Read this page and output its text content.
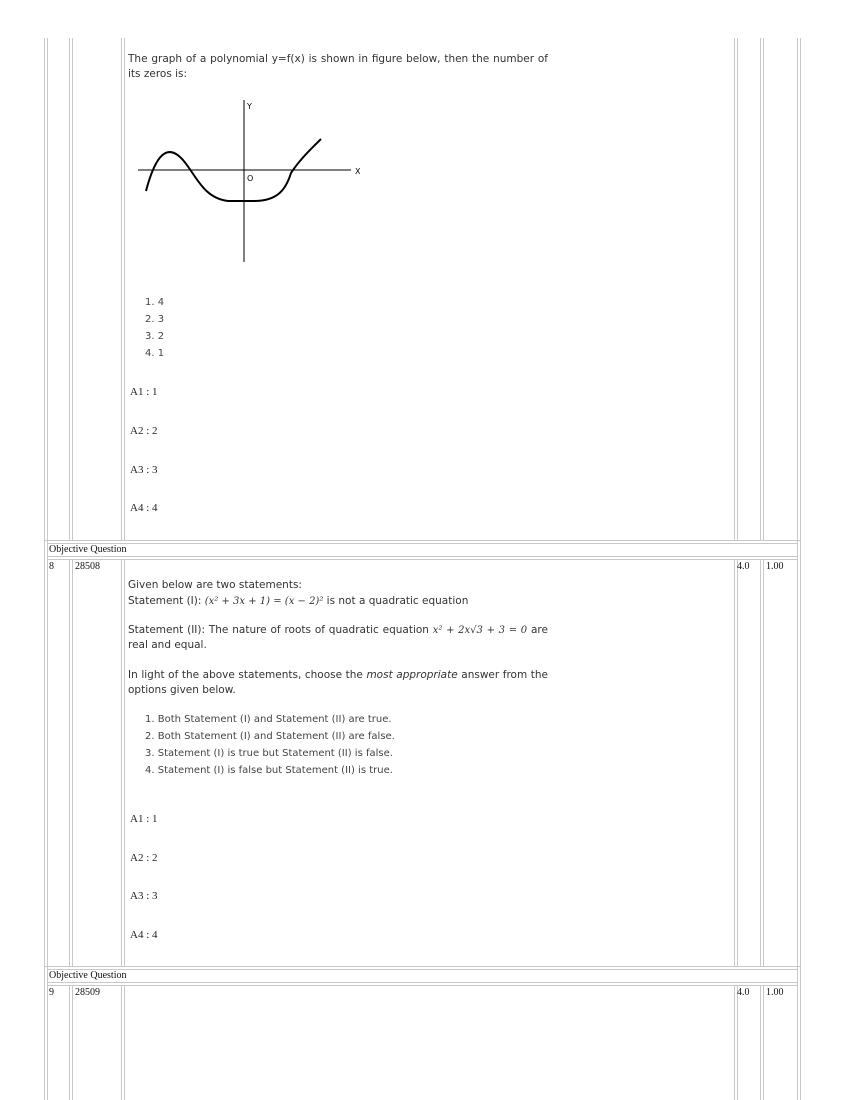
The graph of a polynomial y=f(x) is shown in figure below, then the number of its zeros is:
Y
X
O
1. 4
2. 3
3. 2
4. 1
A1 : 1
A2 : 2
A3 : 3
A4 : 4
Objective Question
8 28508	4.0 1.00
Given below are two statements:
Statement (I): (x² + 3x + 1) = (x − 2)² is not a quadratic equation
Statement (II): The nature of roots of quadratic equation x² + 2x√3 + 3 = 0 are real and equal.
In light of the above statements, choose the most appropriate answer from the options given below.
1. Both Statement (I) and Statement (II) are true.
2. Both Statement (I) and Statement (II) are false.
3. Statement (I) is true but Statement (II) is false.
4. Statement (I) is false but Statement (II) is true.
A1 : 1
A2 : 2
A3 : 3
A4 : 4
Objective Question
9 28509	4.0 1.00
